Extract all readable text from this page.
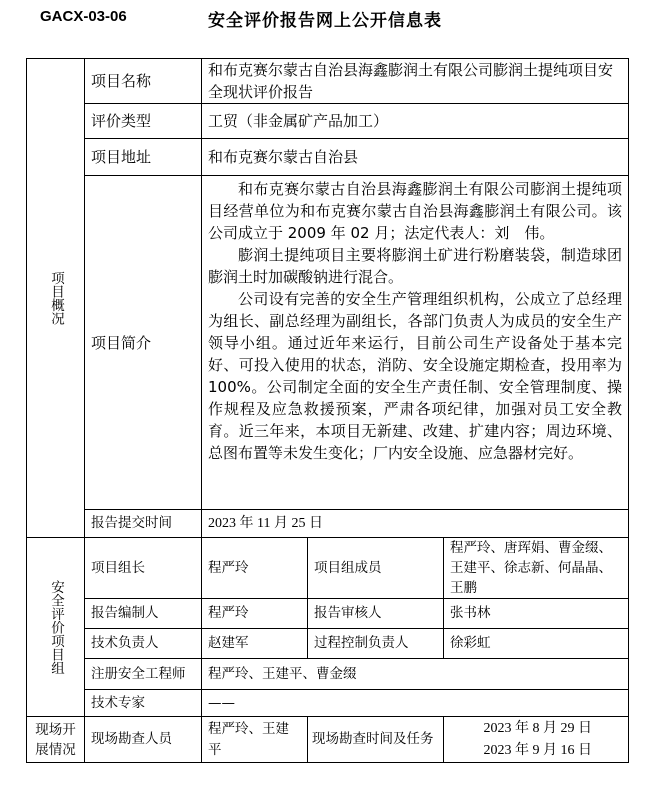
GACX-03-06	安全评价报告网上公开信息表
项目概况	项目名称	和布克赛尔蒙古自治县海鑫膨润土有限公司膨润土提纯项目安全现状评价报告		
	评价类型	工贸（非金属矿产品加工）		
	项目地址	和布克赛尔蒙古自治县		
	项目简介	和布克赛尔蒙古自治县海鑫膨润土有限公司膨润土提纯项目经营单位为和布克赛尔蒙古自治县海鑫膨润土有限公司。该公司成立于 2009 年 02 月；法定代表人：刘　伟。

膨润土提纯项目主要将膨润土矿进行粉磨装袋，制造球团膨润土时加碳酸钠进行混合。

公司设有完善的安全生产管理组织机构，公成立了总经理为组长、副总经理为副组长，各部门负责人为成员的安全生产领导小组。通过近年来运行，目前公司生产设备处于基本完好、可投入使用的状态，消防、安全设施定期检查，投用率为 100%。公司制定全面的安全生产责任制、安全管理制度、操作规程及应急救援预案，严肃各项纪律，加强对员工安全教育。近三年来，本项目无新建、改建、扩建内容；周边环境、总图布置等未发生变化；厂内安全设施、应急器材完好。		

	报告提交时间	2023 年 11 月 25 日		

安全评价项目组	项目组长	程严玲	项目组成员	程严玲、唐珲娟、曹金缀、王建平、徐志新、何晶晶、王鹏
	报告编制人	程严玲	报告审核人	张书林
	技术负责人	赵建军	过程控制负责人	徐彩虹
	注册安全工程师	程严玲、王建平、曹金缀		
	技术专家	——		

现场开展情况	现场勘查人员	程严玲、王建平	现场勘查时间及任务	2023 年 8 月 29 日
2023 年 9 月 16 日
